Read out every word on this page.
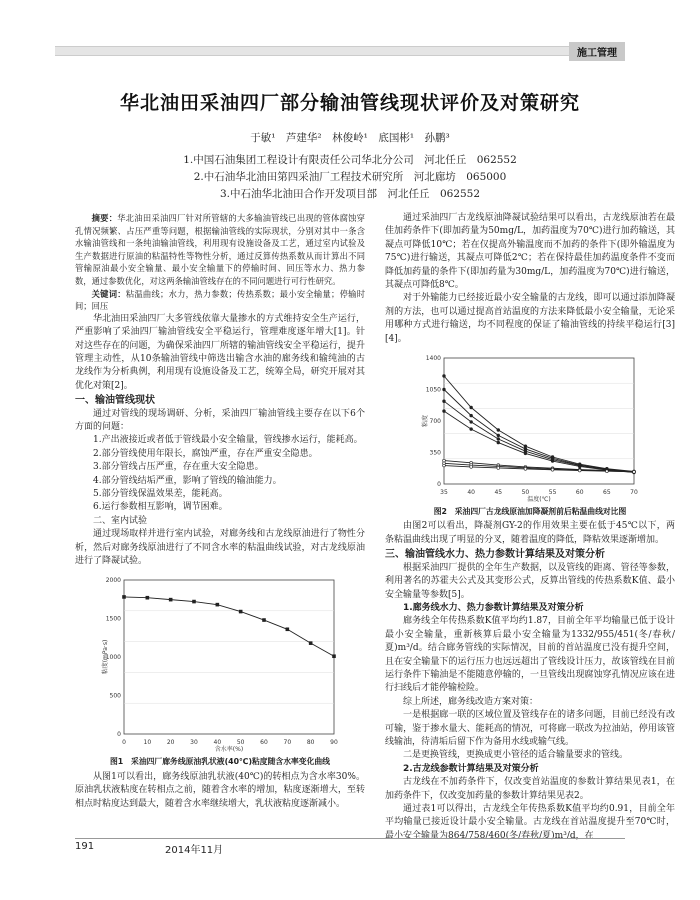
施工管理
华北油田采油四厂部分输油管线现状评价及对策研究
于敏¹　芦建华²　林俊岭¹　底国彬¹　孙鹏³
1.中国石油集团工程设计有限责任公司华北分公司　河北任丘　062552
2.中石油华北油田第四采油厂工程技术研究所　河北廊坊　065000
3.中石油华北油田合作开发项目部　河北任丘　062552
摘要：华北油田采油四厂针对所管辖的大多输油管线已出现的管体腐蚀穿孔情况频繁、占压严重等问题，根据输油管线的实际现状，分别对其中一条含水输油管线和一条纯油输油管线，利用现有设施设备及工艺，通过室内试验及生产数据进行原油的粘温特性等物性分析，通过反算传热系数从而计算出不同管输原油最小安全输量、最小安全输量下的停输时间、回压等水力、热力参数，通过参数优化，对这两条输油管线存在的不同问题进行可行性研究。
关键词：粘温曲线；水力，热力参数；传热系数；最小安全输量；停输时间；回压

华北油田采油四厂大多管线依靠大量掺水的方式维持安全生产运行，严重影响了采油四厂输油管线安全平稳运行，管理难度逐年增大[1]。针对这些存在的问题，为确保采油四厂所辖的输油管线安全平稳运行，提升管理主动性，从10条输油管线中筛选出输含水油的廊务线和输纯油的古龙线作为分析典例，利用现有设施设备及工艺，统筹全局，研究开展对其优化对策[2]。

一、输油管线现状

通过对管线的现场调研、分析，采油四厂输油管线主要存在以下6个方面的问题：

1.产出液接近或者低于管线最小安全输量，管线掺水运行，能耗高。

2.部分管线使用年限长，腐蚀严重，存在严重安全隐患。

3.部分管线占压严重，存在重大安全隐患。

4.部分管线结垢严重，影响了管线的输油能力。

5.部分管线保温效果差，能耗高。

6.运行参数相互影响，调节困难。

二、室内试验

通过现场取样并进行室内试验，对廊务线和古龙线原油进行了物性分析，然后对廊务线原油进行了不同含水率的粘温曲线试验，对古龙线原油进行了降凝试验。

0	10	20	30	40	50	60	70	80	90
0
500
1000
1500
2000
粘度(mPa·s)
含水率(%)
图1　采油四厂廊务线原油乳状液(40℃)粘度随含水率变化曲线

从图1可以看出，廊务线原油乳状液(40℃)的转相点为含水率30%。原油乳状液粘度在转相点之前，随着含水率的增加，粘度逐渐增大，至转相点时粘度达到最大，随着含水率继续增大，乳状液粘度逐渐减小。

通过采油四厂古龙线原油降凝试验结果可以看出，古龙线原油若在最佳加药条件下(即加药量为50mg/L，加药温度为70℃)进行加药输送，其凝点可降低10℃；若在仅提高外输温度而不加药的条件下(即外输温度为75℃)进行输送，其凝点可降低2℃；若在保持最佳加药温度条件不变而降低加药量的条件下(即加药量为30mg/L，加药温度为70℃)进行输送，其凝点可降低8℃。

对于外输能力已经接近最小安全输量的古龙线，即可以通过添加降凝剂的方法，也可以通过提高首站温度的方法来降低最小安全输量，无论采用哪种方式进行输送，均不同程度的保证了输油管线的持续平稳运行[3][4]。

35	40	45	50	55	60	65	70
0
350
700
1050
1400
粘度
温度(℃)
图2　采油四厂古龙线原油加降凝剂前后粘温曲线对比图

由图2可以看出，降凝剂GY-2的作用效果主要在低于45℃以下，两条粘温曲线出现了明显的分叉，随着温度的降低，降粘效果逐渐增加。

三、输油管线水力、热力参数计算结果及对策分析

根据采油四厂提供的全年生产数据，以及管线的距离、管径等参数，利用著名的苏霍夫公式及其变形公式，反算出管线的传热系数K值、最小安全输量等参数[5]。

1.廊务线水力、热力参数计算结果及对策分析

廊务线全年传热系数K值平均约1.87，目前全年平均输量已低于设计最小安全输量，重新核算后最小安全输量为1332/955/451(冬/春秋/夏)m³/d。结合廊务管线的实际情况，目前的首站温度已没有提升空间，且在安全输量下的运行压力也远远超出了管线设计压力，故该管线在目前运行条件下输油是不能随意停输的，一旦管线出现腐蚀穿孔情况应该在进行扫线后才能停输检险。

综上所述，廊务线改造方案对策：

一是根据廊一联的区域位置及管线存在的诸多问题，目前已经没有改可输，鉴于掺水量大、能耗高的情况，可将廊一联改为拉油站，停用该管线输油，待清垢后留下作为备用水线或输气线。

二是更换管线，更换成更小管径的适合输量要求的管线。

2.古龙线参数计算结果及对策分析

古龙线在不加药条件下，仅改变首站温度的参数计算结果见表1，在加药条件下，仅改变加药量的参数计算结果见表2。

通过表1可以得出，古龙线全年传热系数K值平均约0.91，目前全年平均输量已接近设计最小安全输量。古龙线在首站温度提升至70℃时，最小安全输量为864/758/460(冬/春秋/夏)m³/d，在

191	2014年11月
